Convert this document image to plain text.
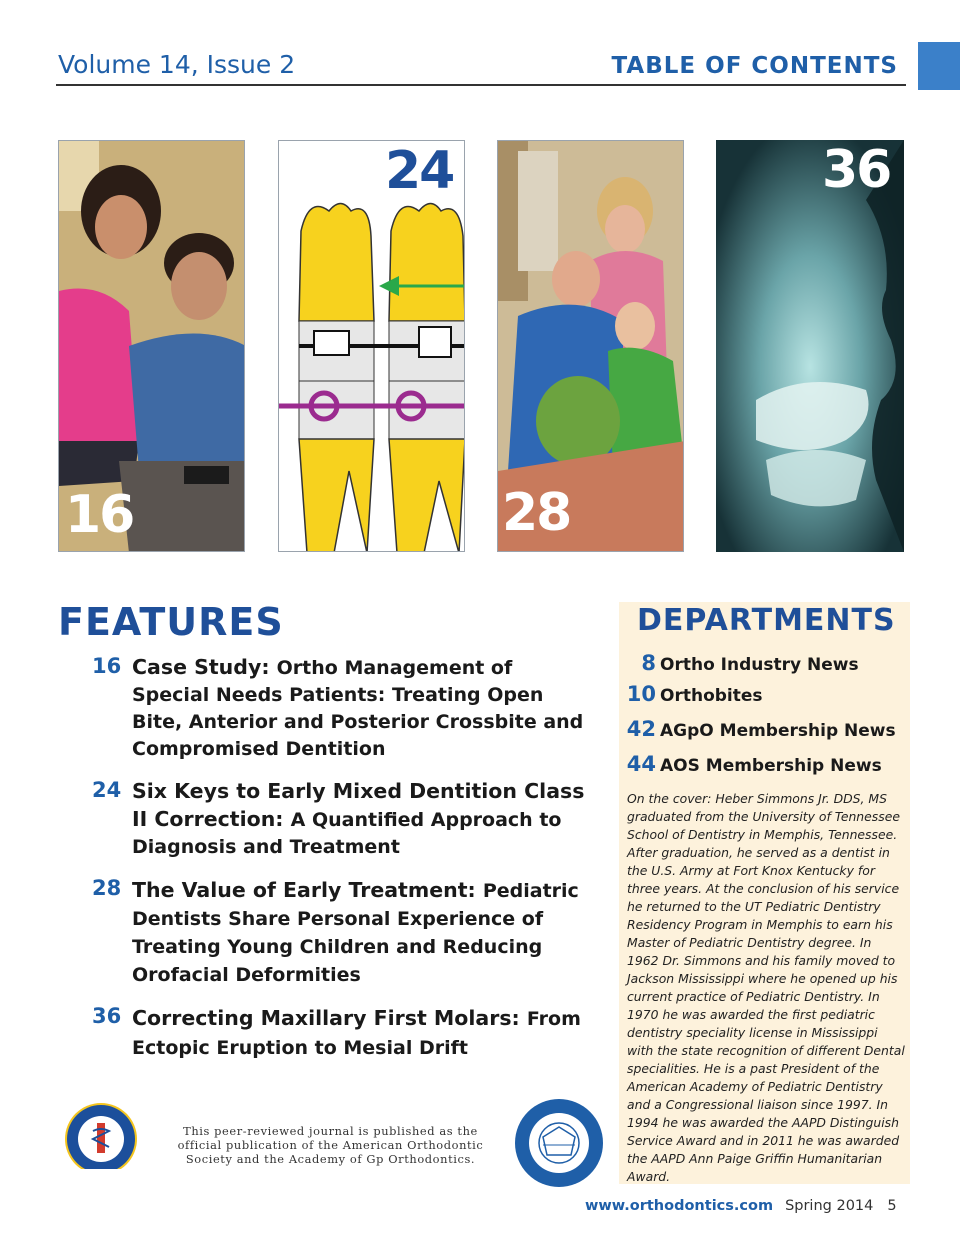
Volume 14, Issue 2	TABLE OF CONTENTS
16
24
28
36
FEATURES
16 Case Study: Ortho Management of Special Needs Patients: Treating Open Bite, Anterior and Posterior Crossbite and Compromised Dentition
24 Six Keys to Early Mixed Dentition Class II Correction: A Quantified Approach to Diagnosis and Treatment
28 The Value of Early Treatment: Pediatric Dentists Share Personal Experience of Treating Young Children and Reducing Orofacial Deformities
36 Correcting Maxillary First Molars: From Ectopic Eruption to Mesial Drift
DEPARTMENTS
8 Ortho Industry News
10 Orthobites
42 AGpO Membership News
44 AOS Membership News
On the cover: Heber Simmons Jr. DDS, MS graduated from the University of Tennessee School of Dentistry in Memphis, Tennessee. After graduation, he served as a dentist in the U.S. Army at Fort Knox Kentucky for three years. At the conclusion of his service he returned to the UT Pediatric Dentistry Residency Program in Memphis to earn his Master of Pediatric Dentistry degree. In 1962 Dr. Simmons and his family moved to Jackson Mississippi where he opened up his current practice of Pediatric Dentistry. In 1970 he was awarded the first pediatric dentistry speciality license in Mississippi with the state recognition of different Dental specialities. He is a past President of the American Academy of Pediatric Dentistry and a Congressional liaison since 1997. In 1994 he was awarded the AAPD Distinguish Service Award and in 2011 he was awarded the AAPD Ann Paige Griffin Humanitarian Award.
This peer-reviewed journal is published as the official publication of the American Orthodontic Society and the Academy of Gp Orthodontics.
www.orthodontics.com Spring 2014 5
